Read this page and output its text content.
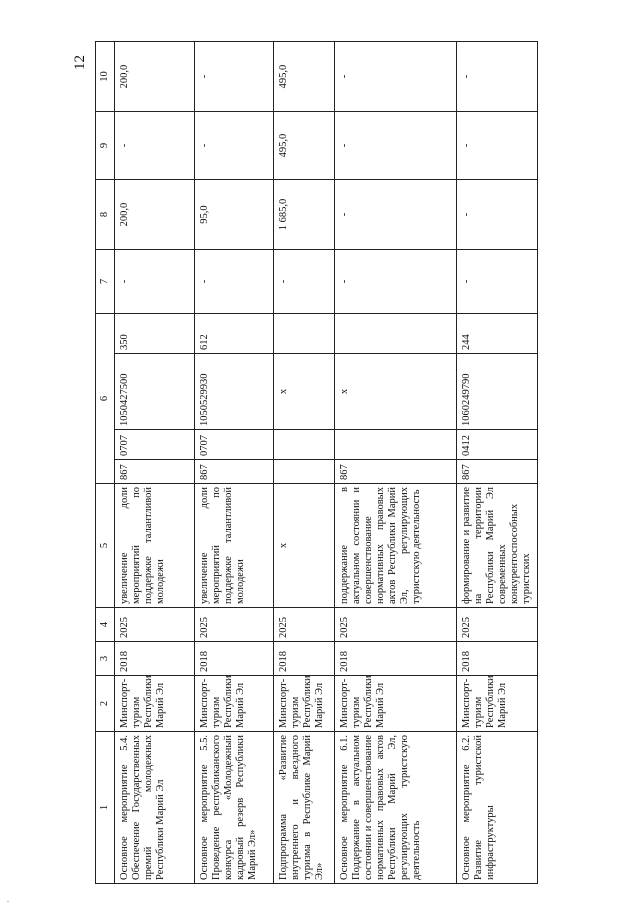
12
.
1	2	3	4	5	6				7	8	9	10
Основное мероприятие 5.4. Обеспечение Государственных премий молодежных Республики Марий Эл	Минспорт-туризм Республики Марий Эл	2018	2025	увеличение доли мероприятий по поддержке талантливой молодежи	867	0707	1050427500	350	-	200,0	-	200,0
Основное мероприятие 5.5. Проведение республиканского конкурса «Молодежный кадровый резерв Республики Марий Эл»	Минспорт-туризм Республики Марий Эл	2018	2025	увеличение доли мероприятий по поддержке талантливой молодежи	867	0707	1050529930	612	-	95,0	-	-
Подпрограмма «Развитие внутреннего и въездного туризма в Республике Марий Эл»	Минспорт-туризм Республики Марий Эл	2018	2025	х			х		-	1 685,0	495,0	495,0
Основное мероприятие 6.1. Поддержание в актуальном состоянии и совершенствование нормативных правовых актов Республики Марий Эл, регулирующих туристскую деятельность	Минспорт-туризм Республики Марий Эл	2018	2025	поддержание в актуальном состоянии и совершенствование нормативных правовых актов Республики Марий Эл, регулирующих туристскую деятельность	867		х		-	-	-	-
Основное мероприятие 6.2. Развитие туристской инфраструктуры	Минспорт-туризм Республики Марий Эл	2018	2025	формирование и развитие на территории Республики Марий Эл современных конкурентоспособных туристских	867	0412	1060249790	244	-	-	-	-
